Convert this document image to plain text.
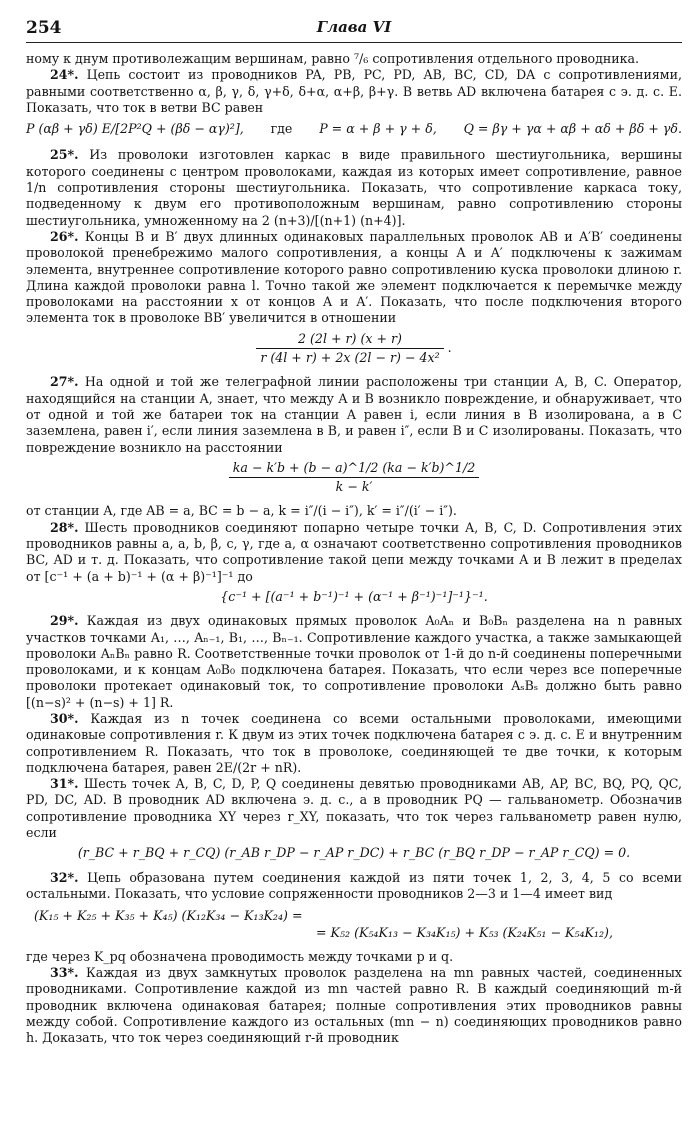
254	Глава VI

ному к днум противолежащим вершинам, равно ⁷/₆ сопротивления отдельного проводника.

24*. Цепь состоит из проводников PA, PB, PC, PD, AB, BC, CD, DA с сопротивлениями, равными соответственно α, β, γ, δ, γ+δ, δ+α, α+β, β+γ. В ветвь AD включена батарея с э. д. с. E. Показать, что ток в ветви BC равен

P (αβ + γδ) E/[2P²Q + (βδ − αγ)²], где P = α + β + γ + δ, Q = βγ + γα + αβ + αδ + βδ + γδ.

25*. Из проволоки изготовлен каркас в виде правильного шестиугольника, вершины которого соединены с центром проволоками, каждая из которых имеет сопротивление, равное 1/n сопротивления стороны шестиугольника. Показать, что сопротивление каркаса току, подведенному к двум его противоположным вершинам, равно сопротивлению стороны шестиугольника, умноженному на 2 (n+3)/[(n+1) (n+4)].

26*. Концы B и B′ двух длинных одинаковых параллельных проволок AB и A′B′ соединены проволокой пренебрежимо малого сопротивления, а концы A и A′ подключены к зажимам элемента, внутреннее сопротивление которого равно сопротивлению куска проволоки длиною r. Длина каждой проволоки равна l. Точно такой же элемент подключается к перемычке между проволоками на расстоянии x от концов A и A′. Показать, что после подключения второго элемента ток в проволоке BB′ увеличится в отношении

$\frac{2 (2l + r) (x + r)}{\text{r (4l + r) + 2x (2l − r) − 4x²}}$ .

27*. На одной и той же телеграфной линии расположены три станции A, B, C. Оператор, находящийся на станции A, знает, что между A и B возникло повреждение, и обнаруживает, что от одной и той же батареи ток на станции A равен i, если линия в B изолирована, а в C заземлена, равен i′, если линия заземлена в B, и равен i″, если B и C изолированы. Показать, что повреждение возникло на расстоянии

$\frac{ka - k'b + (b - a)\^{}1/2 (ka - k'b)\^{}1/2}{k - k'}$

от станции A, где AB = a, BC = b − a, k = i″/(i − i″), k′ = i″/(i′ − i″).

28*. Шесть проводников соединяют попарно четыре точки A, B, C, D. Сопротивления этих проводников равны a, a, b, β, c, γ, где a, α означают соответственно сопротивления проводников BC, AD и т. д. Показать, что сопротивление такой цепи между точками A и B лежит в пределах от [c⁻¹ + (a + b)⁻¹ + (α + β)⁻¹]⁻¹ до

{c⁻¹ + [(a⁻¹ + b⁻¹)⁻¹ + (α⁻¹ + β⁻¹)⁻¹]⁻¹}⁻¹.

29*. Каждая из двух одинаковых прямых проволок A₀Aₙ и B₀Bₙ разделена на n равных участков точками A₁, …, Aₙ₋₁, B₁, …, Bₙ₋₁. Сопротивление каждого участка, а также замыкающей проволоки AₙBₙ равно R. Соответственные точки проволок от 1-й до n-й соединены поперечными проволоками, и к концам A₀B₀ подключена батарея. Показать, что если через все поперечные проволоки протекает одинаковый ток, то сопротивление проволоки AₛBₛ должно быть равно [(n−s)² + (n−s) + 1] R.

30*. Каждая из n точек соединена со всеми остальными проволоками, имеющими одинаковые сопротивления r. К двум из этих точек подключена батарея с э. д. с. E и внутренним сопротивлением R. Показать, что ток в проволоке, соединяющей те две точки, к которым подключена батарея, равен 2E/(2r + nR).

31*. Шесть точек A, B, C, D, P, Q соединены девятью проводниками AB, AP, BC, BQ, PQ, QC, PD, DC, AD. В проводник AD включена э. д. с., а в проводник PQ — гальванометр. Обозначив сопротивление проводника XY через r_XY, показать, что ток через гальванометр равен нулю, если

(r_BC + r_BQ + r_CQ) (r_AB r_DP − r_AP r_DC) + r_BC (r_BQ r_DP − r_AP r_CQ) = 0.

32*. Цепь образована путем соединения каждой из пяти точек 1, 2, 3, 4, 5 со всеми остальными. Показать, что условие сопряженности проводников 2—3 и 1—4 имеет вид

(K₁₅ + K₂₅ + K₃₅ + K₄₅) (K₁₂K₃₄ − K₁₃K₂₄) =
= K₅₂ (K₅₄K₁₃ − K₃₄K₁₅) + K₅₃ (K₂₄K₅₁ − K₅₄K₁₂),

где через K_pq обозначена проводимость между точками p и q.

33*. Каждая из двух замкнутых проволок разделена на mn равных частей, соединенных проводниками. Сопротивление каждой из mn частей равно R. В каждый соединяющий m-й проводник включена одинаковая батарея; полные сопротивления этих проводников равны между собой. Сопротивление каждого из остальных (mn − n) соединяющих проводников равно h. Доказать, что ток через соединяющий r-й проводник
